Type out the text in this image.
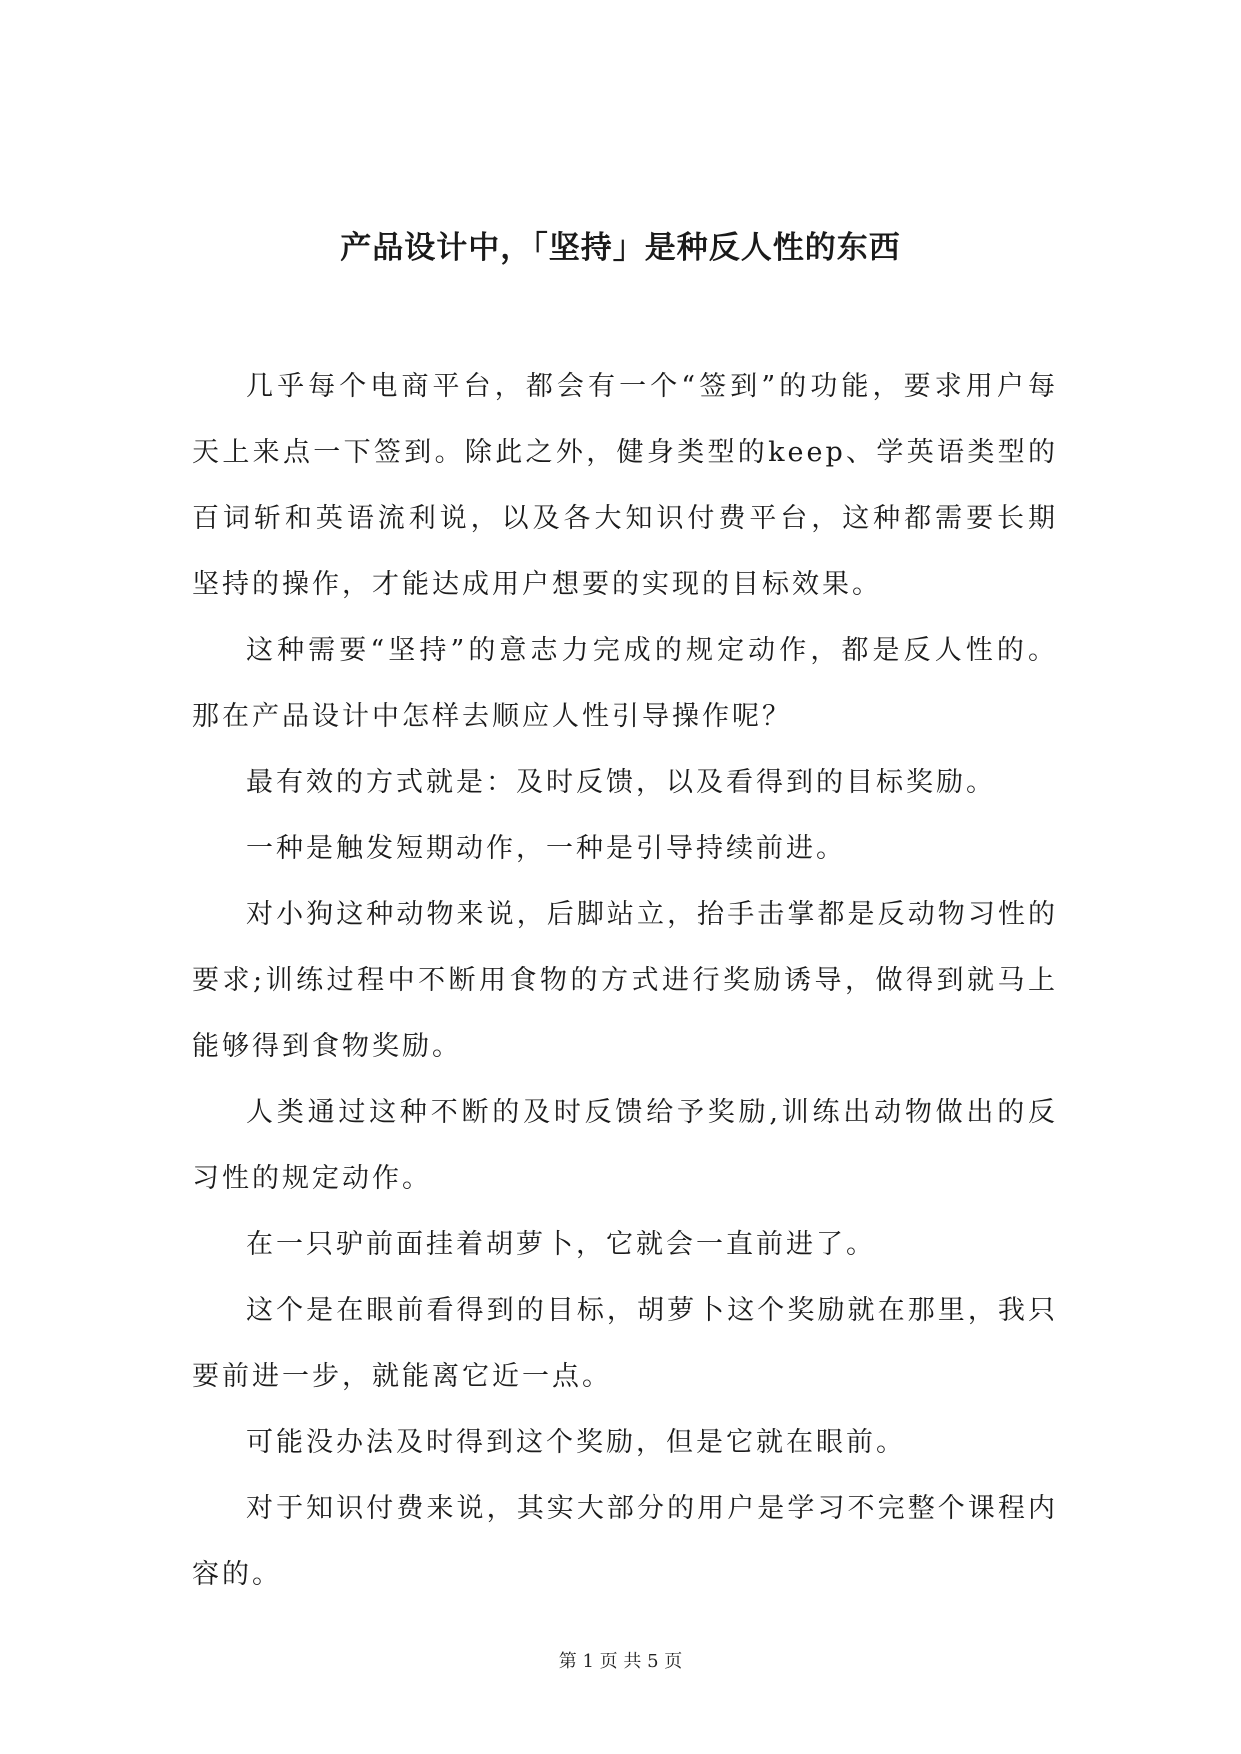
产品设计中，「坚持」是种反人性的东西

几乎每个电商平台，都会有一个“签到”的功能，要求用户每天上来点一下签到。除此之外，健身类型的keep、学英语类型的百词斩和英语流利说，以及各大知识付费平台，这种都需要长期坚持的操作，才能达成用户想要的实现的目标效果。

这种需要“坚持”的意志力完成的规定动作，都是反人性的。那在产品设计中怎样去顺应人性引导操作呢？

最有效的方式就是：及时反馈，以及看得到的目标奖励。

一种是触发短期动作，一种是引导持续前进。

对小狗这种动物来说，后脚站立，抬手击掌都是反动物习性的要求;训练过程中不断用食物的方式进行奖励诱导，做得到就马上能够得到食物奖励。

人类通过这种不断的及时反馈给予奖励,训练出动物做出的反习性的规定动作。

在一只驴前面挂着胡萝卜，它就会一直前进了。

这个是在眼前看得到的目标，胡萝卜这个奖励就在那里，我只要前进一步，就能离它近一点。

可能没办法及时得到这个奖励，但是它就在眼前。

对于知识付费来说，其实大部分的用户是学习不完整个课程内容的。

第 1 页 共 5 页
